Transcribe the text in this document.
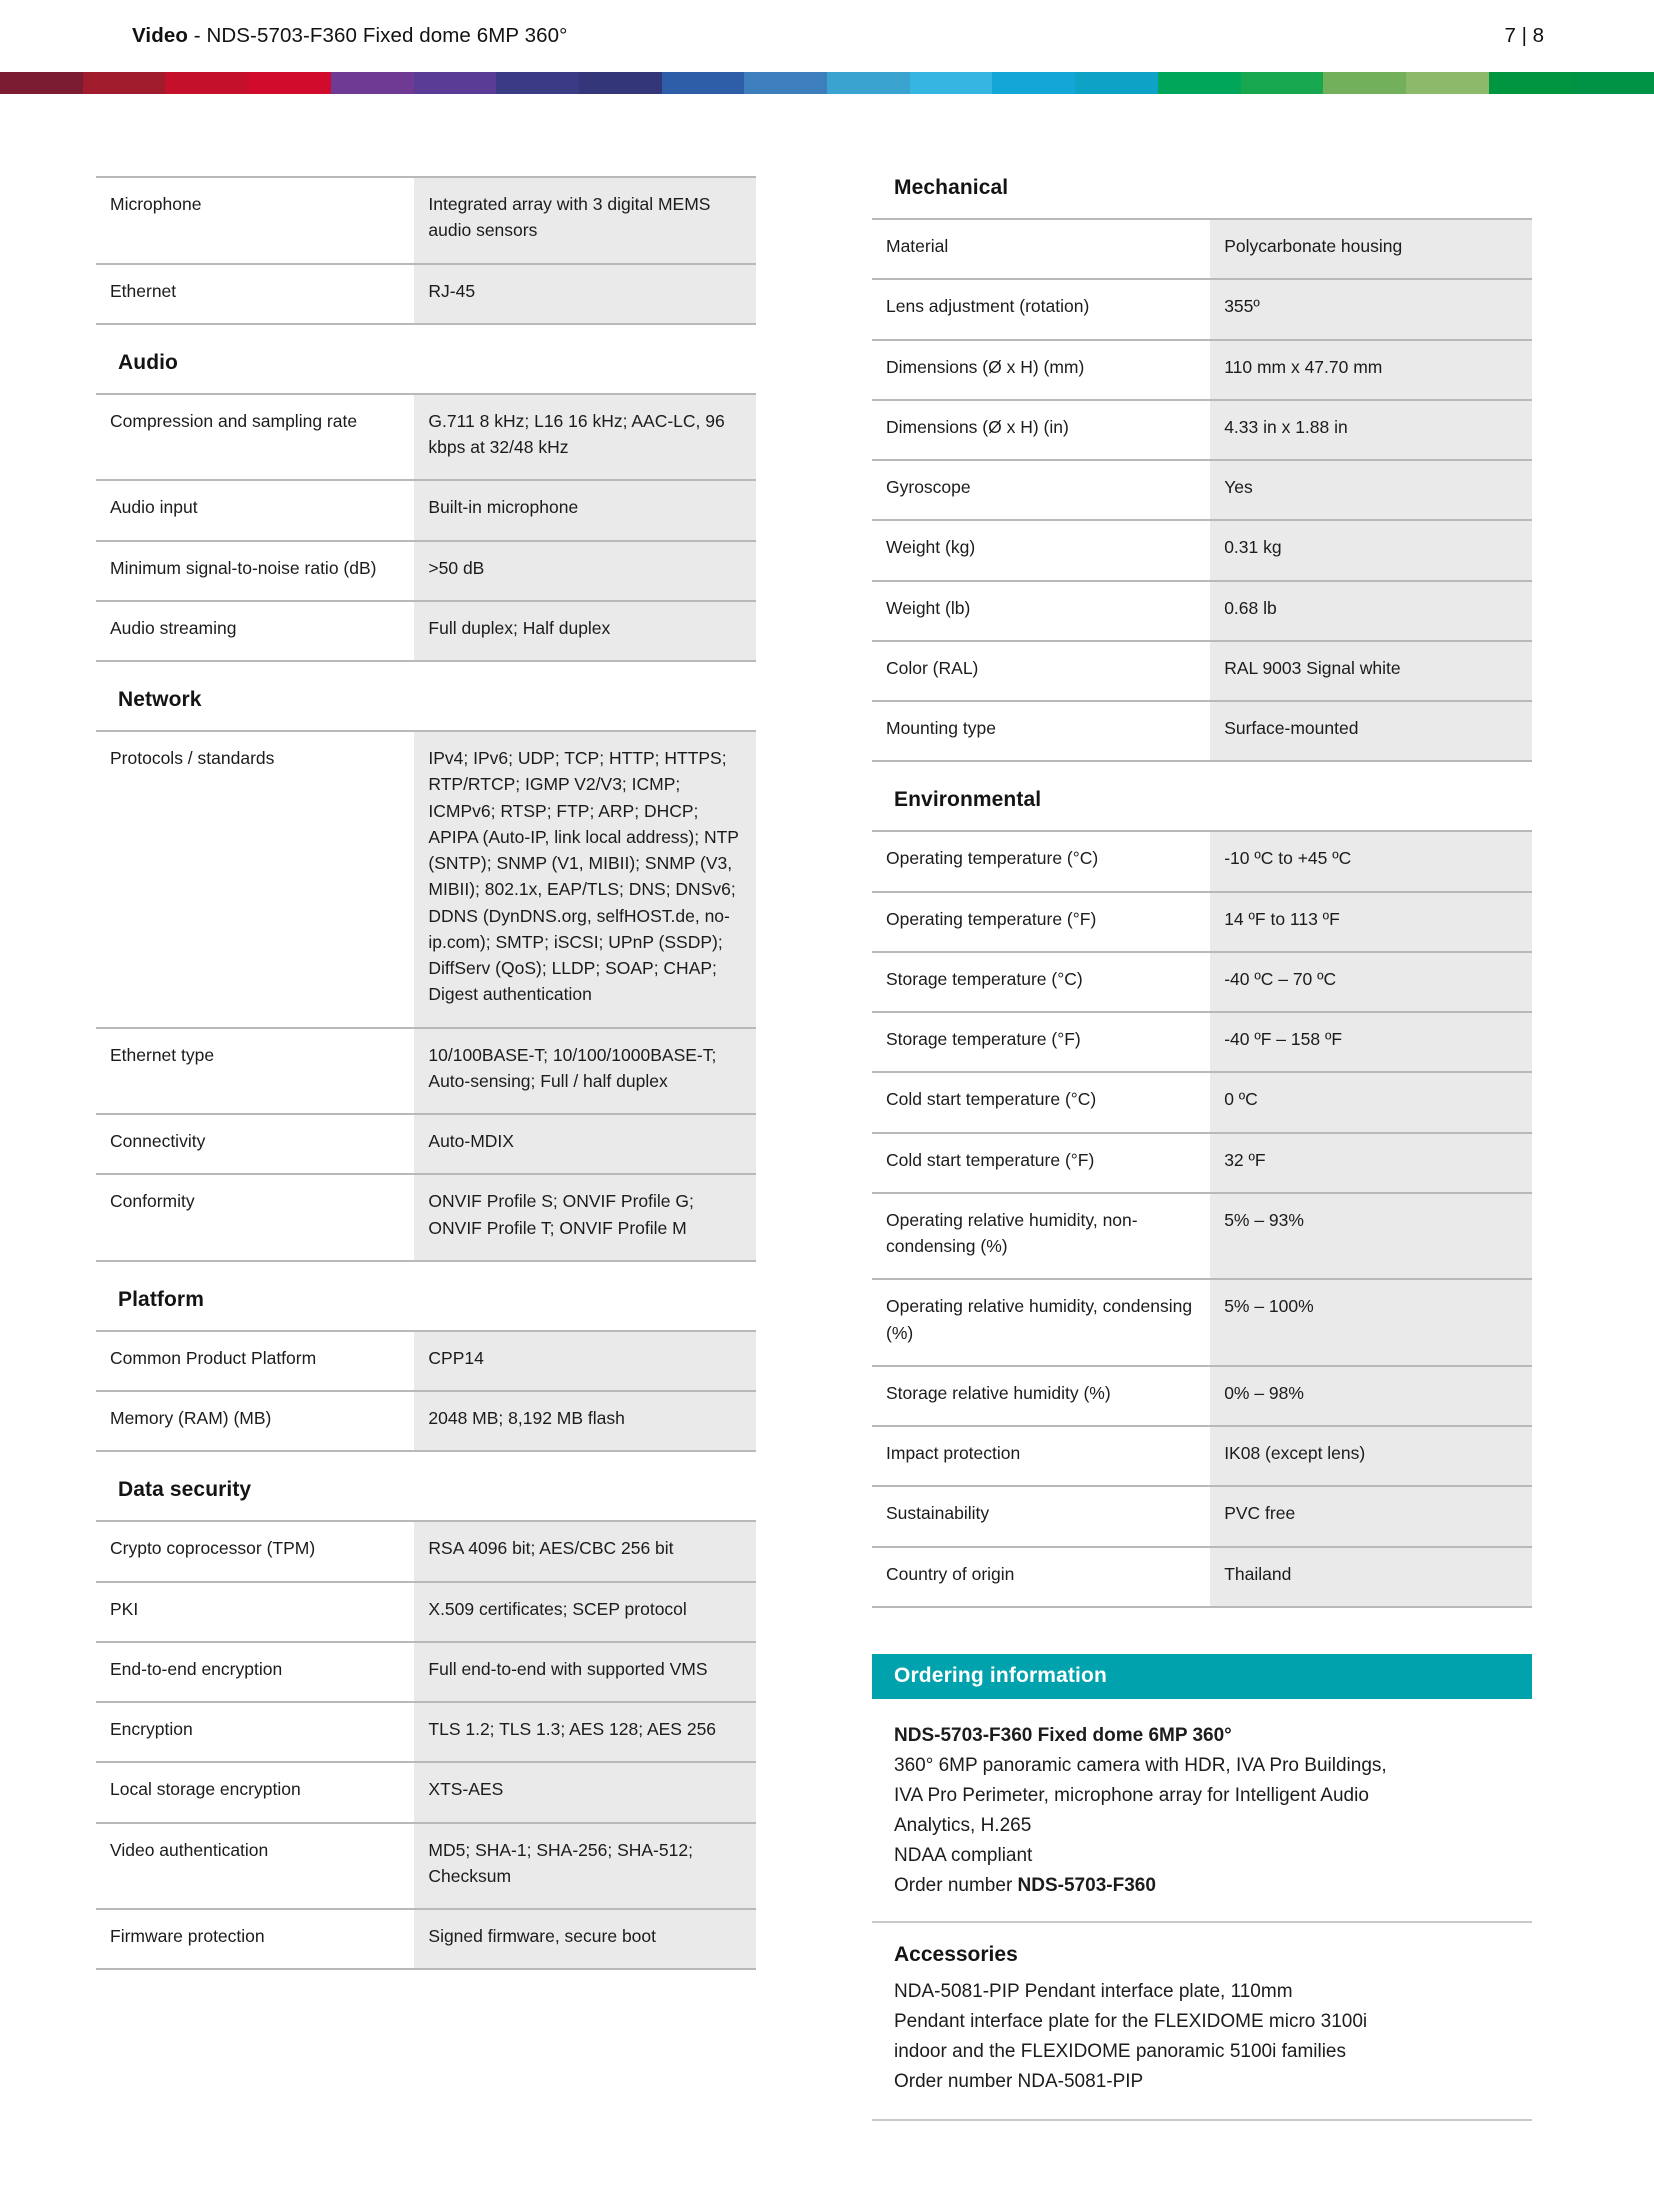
Video - NDS-5703-F360 Fixed dome 6MP 360°	7 | 8
Microphone	Integrated array with 3 digital MEMS audio sensors
Ethernet	RJ-45
Audio
Compression and sampling rate	G.711 8 kHz; L16 16 kHz; AAC-LC, 96 kbps at 32/48 kHz
Audio input	Built-in microphone
Minimum signal-to-noise ratio (dB)	>50 dB
Audio streaming	Full duplex; Half duplex
Network
Protocols / standards	IPv4; IPv6; UDP; TCP; HTTP; HTTPS; RTP/RTCP; IGMP V2/V3; ICMP; ICMPv6; RTSP; FTP; ARP; DHCP; APIPA (Auto-IP, link local address); NTP (SNTP); SNMP (V1, MIBII); SNMP (V3, MIBII); 802.1x, EAP/TLS; DNS; DNSv6; DDNS (DynDNS.org, selfHOST.de, no-ip.com); SMTP; iSCSI; UPnP (SSDP); DiffServ (QoS); LLDP; SOAP; CHAP; Digest authentication
Ethernet type	10/100BASE-T; 10/100/1000BASE-T; Auto-sensing; Full / half duplex
Connectivity	Auto-MDIX
Conformity	ONVIF Profile S; ONVIF Profile G; ONVIF Profile T; ONVIF Profile M
Platform
Common Product Platform	CPP14
Memory (RAM) (MB)	2048 MB; 8,192 MB flash
Data security
Crypto coprocessor (TPM)	RSA 4096 bit; AES/CBC 256 bit
PKI	X.509 certificates; SCEP protocol
End-to-end encryption	Full end-to-end with supported VMS
Encryption	TLS 1.2; TLS 1.3; AES 128; AES 256
Local storage encryption	XTS-AES
Video authentication	MD5; SHA-1; SHA-256; SHA-512; Checksum
Firmware protection	Signed firmware, secure boot
Mechanical
Material	Polycarbonate housing
Lens adjustment (rotation)	355º
Dimensions (Ø x H) (mm)	110 mm x 47.70 mm
Dimensions (Ø x H) (in)	4.33 in x 1.88 in
Gyroscope	Yes
Weight (kg)	0.31 kg
Weight (lb)	0.68 lb
Color (RAL)	RAL 9003 Signal white
Mounting type	Surface-mounted
Environmental
Operating temperature (°C)	-10 ºC to +45 ºC
Operating temperature (°F)	14 ºF to 113 ºF
Storage temperature (°C)	-40 ºC – 70 ºC
Storage temperature (°F)	-40 ºF – 158 ºF
Cold start temperature (°C)	0 ºC
Cold start temperature (°F)	32 ºF
Operating relative humidity, non-condensing (%)	5% – 93%
Operating relative humidity, condensing (%)	5% – 100%
Storage relative humidity (%)	0% – 98%
Impact protection	IK08 (except lens)
Sustainability	PVC free
Country of origin	Thailand
Ordering information
NDS-5703-F360 Fixed dome 6MP 360°
360° 6MP panoramic camera with HDR, IVA Pro Buildings,
IVA Pro Perimeter, microphone array for Intelligent Audio
Analytics, H.265
NDAA compliant
Order number NDS-5703-F360
Accessories
NDA-5081-PIP Pendant interface plate, 110mm
Pendant interface plate for the FLEXIDOME micro 3100i
indoor and the FLEXIDOME panoramic 5100i families
Order number NDA-5081-PIP
